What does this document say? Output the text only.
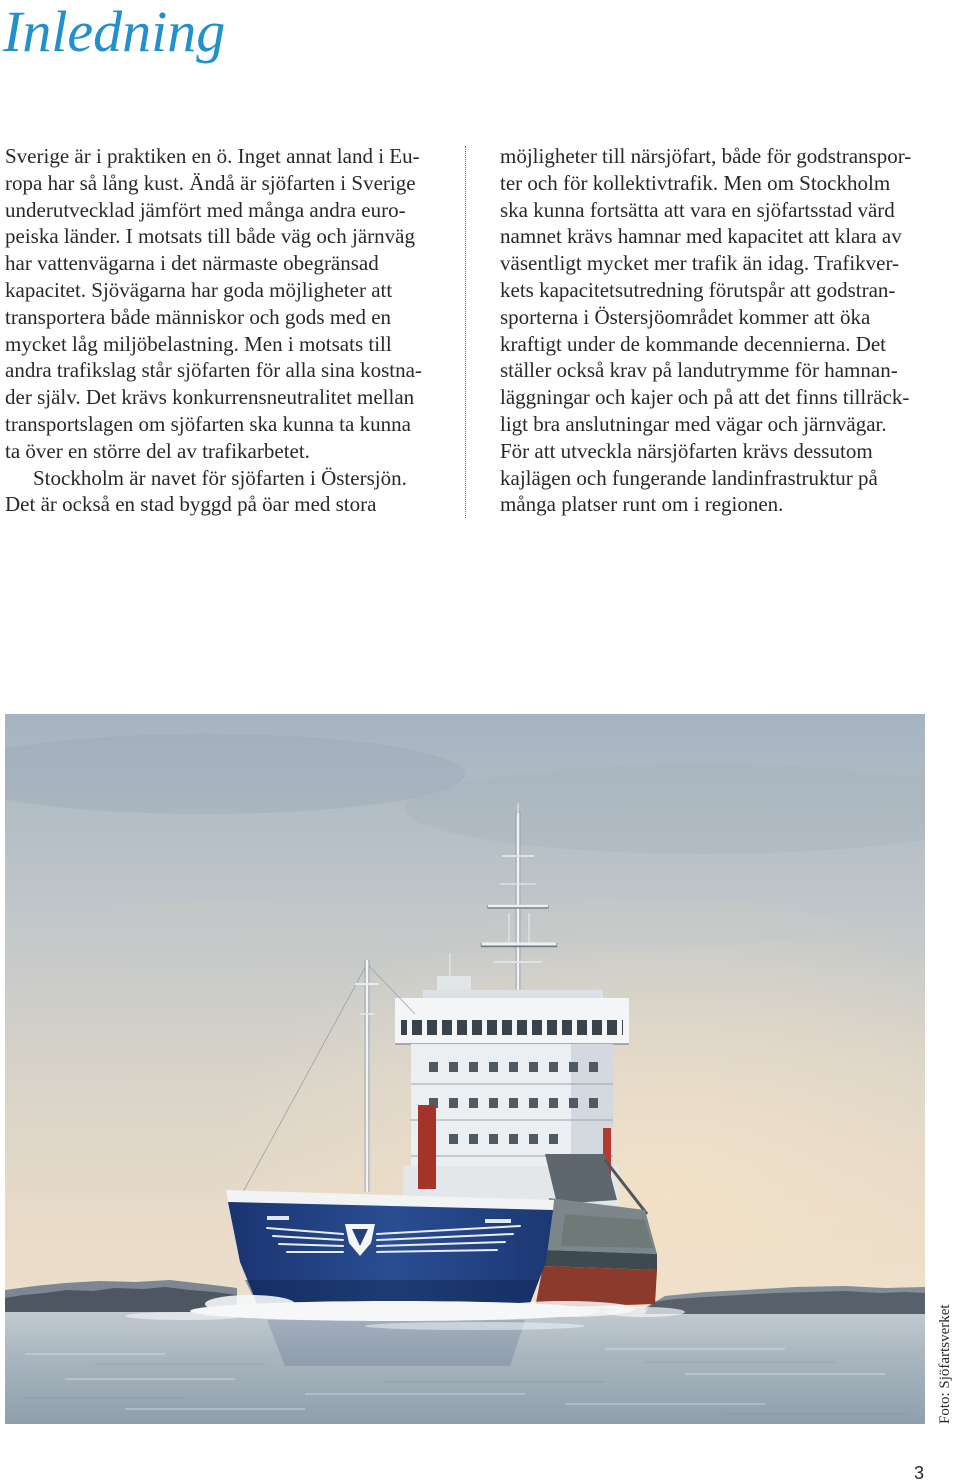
Inledning
Sverige är i praktiken en ö. Inget annat land i Eu-
ropa har så lång kust. Ändå är sjöfarten i Sverige
underutvecklad jämfört med många andra euro-
peiska länder. I motsats till både väg och järnväg
har vattenvägarna i det närmaste obegränsad
kapacitet. Sjövägarna har goda möjligheter att
transportera både människor och gods med en
mycket låg miljöbelastning. Men i motsats till
andra trafikslag står sjöfarten för alla sina kostna-
der själv. Det krävs konkurrensneutralitet mellan
transportslagen om sjöfarten ska kunna ta kunna
ta över en större del av trafikarbetet.
Stockholm är navet för sjöfarten i Östersjön.
Det är också en stad byggd på öar med stora
möjligheter till närsjöfart, både för godstranspor-
ter och för kollektivtrafik. Men om Stockholm
ska kunna fortsätta att vara en sjöfartsstad värd
namnet krävs hamnar med kapacitet att klara av
väsentligt mycket mer trafik än idag. Trafikver-
kets kapacitetsutredning förutspår att godstran-
sporterna i Östersjöområdet kommer att öka
kraftigt under de kommande decennierna. Det
ställer också krav på landutrymme för hamnan-
läggningar och kajer och på att det finns tillräck-
ligt bra anslutningar med vägar och järnvägar.
För att utveckla närsjöfarten krävs dessutom
kajlägen och fungerande landinfrastruktur på
många platser runt om i regionen.
Foto: Sjöfartsverket
3
